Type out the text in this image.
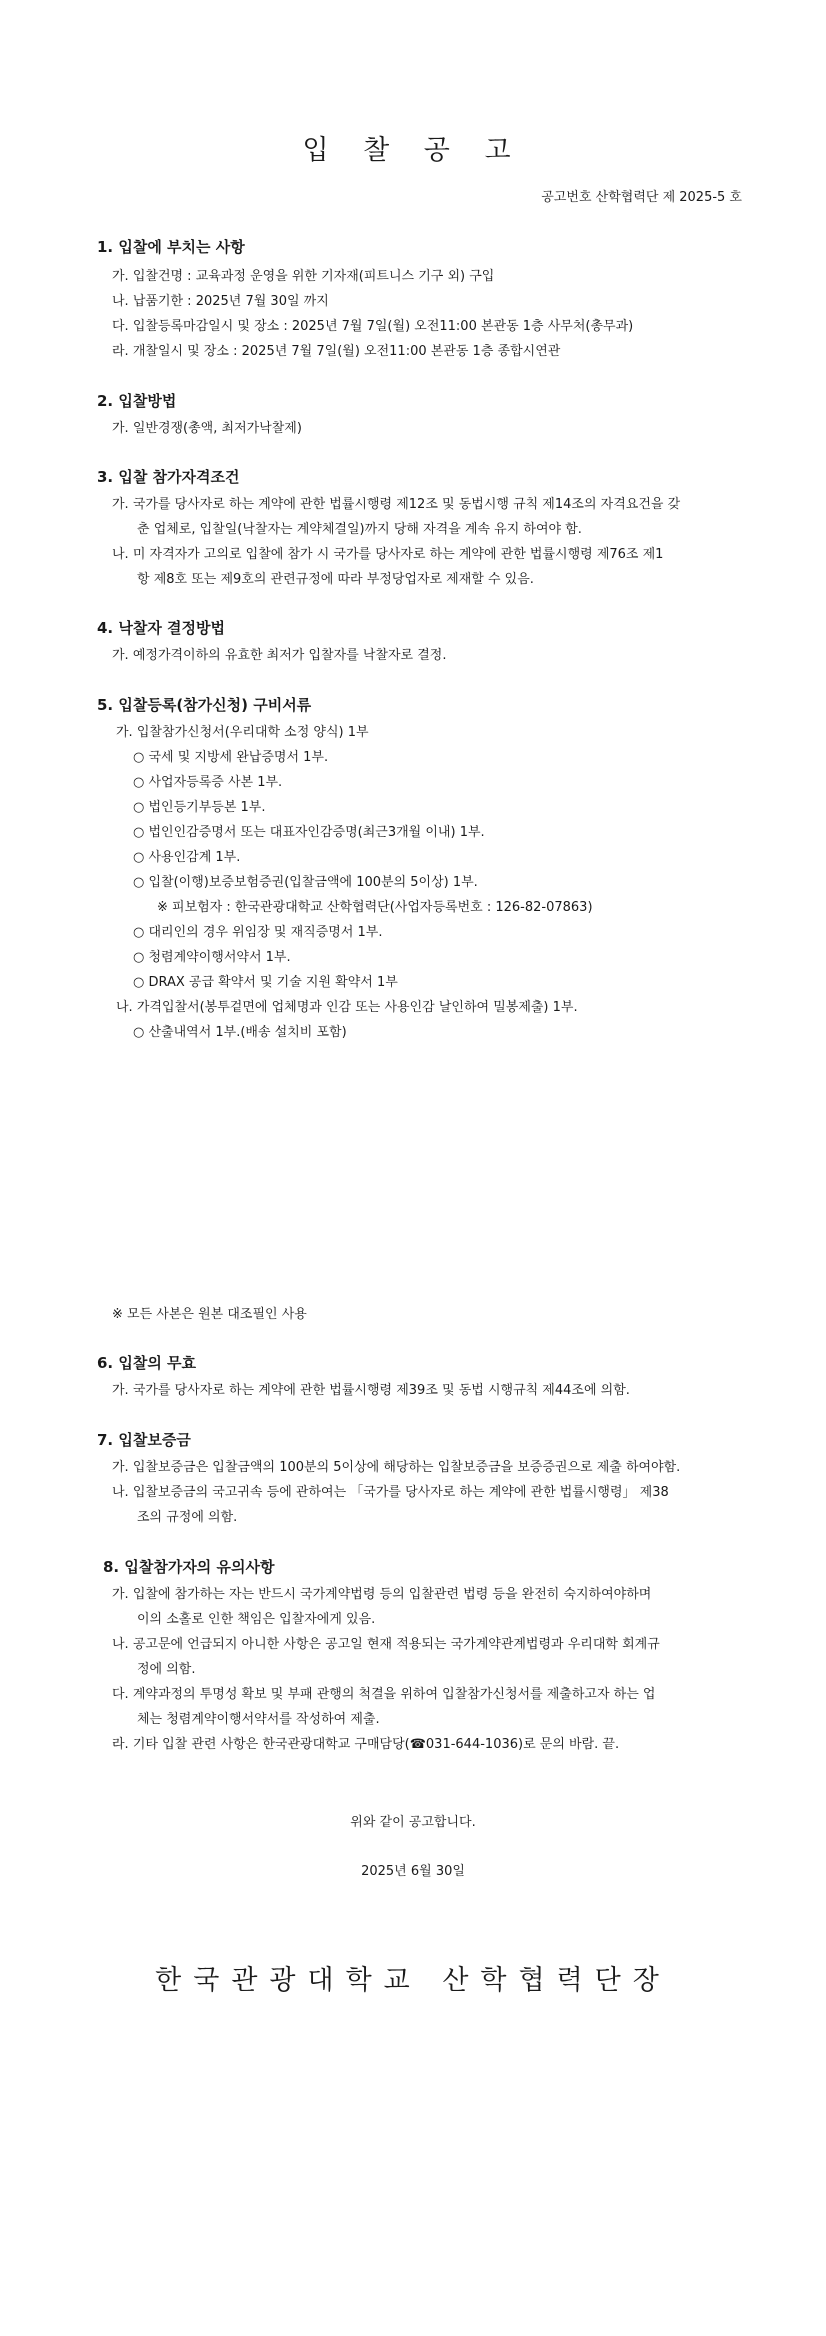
입 찰 공 고
공고번호 산학협력단 제 2025-5 호
1. 입찰에 부치는 사항
가. 입찰건명 : 교육과정 운영을 위한 기자재(피트니스 기구 외) 구입
나. 납품기한 : 2025년 7월 30일 까지
다. 입찰등록마감일시 및 장소 : 2025년 7월 7일(월) 오전11:00 본관동 1층 사무처(총무과)
라. 개찰일시 및 장소 : 2025년 7월 7일(월) 오전11:00 본관동 1층 종합시연관
2. 입찰방법
가. 일반경쟁(총액, 최저가낙찰제)
3. 입찰 참가자격조건
가. 국가를 당사자로 하는 계약에 관한 법률시행령 제12조 및 동법시행 규칙 제14조의 자격요건을 갖
춘 업체로, 입찰일(낙찰자는 계약체결일)까지 당해 자격을 계속 유지 하여야 함.
나. 미 자격자가 고의로 입찰에 참가 시 국가를 당사자로 하는 계약에 관한 법률시행령 제76조 제1
항 제8호 또는 제9호의 관련규정에 따라 부정당업자로 제재할 수 있음.
4. 낙찰자 결정방법
가. 예정가격이하의 유효한 최저가 입찰자를 낙찰자로 결정.
5. 입찰등록(참가신청) 구비서류
가. 입찰참가신청서(우리대학 소정 양식) 1부
○ 국세 및 지방세 완납증명서 1부.
○ 사업자등록증 사본 1부.
○ 법인등기부등본 1부.
○ 법인인감증명서 또는 대표자인감증명(최근3개월 이내) 1부.
○ 사용인감계 1부.
○ 입찰(이행)보증보험증권(입찰금액에 100분의 5이상) 1부.
※ 피보험자 : 한국관광대학교 산학협력단(사업자등록번호 : 126-82-07863)
○ 대리인의 경우 위임장 및 재직증명서 1부.
○ 청렴계약이행서약서 1부.
○ DRAX 공급 확약서 및 기술 지원 확약서 1부
나. 가격입찰서(봉투겉면에 업체명과 인감 또는 사용인감 날인하여 밀봉제출) 1부.
○ 산출내역서 1부.(배송 설치비 포함)
※ 모든 사본은 원본 대조필인 사용
6. 입찰의 무효
가. 국가를 당사자로 하는 계약에 관한 법률시행령 제39조 및 동법 시행규칙 제44조에 의함.
7. 입찰보증금
가. 입찰보증금은 입찰금액의 100분의 5이상에 해당하는 입찰보증금을 보증증권으로 제출 하여야함.
나. 입찰보증금의 국고귀속 등에 관하여는 「국가를 당사자로 하는 계약에 관한 법률시행령」 제38
조의 규정에 의함.
8. 입찰참가자의 유의사항
가. 입찰에 참가하는 자는 반드시 국가계약법령 등의 입찰관련 법령 등을 완전히 숙지하여야하며
이의 소홀로 인한 책임은 입찰자에게 있음.
나. 공고문에 언급되지 아니한 사항은 공고일 현재 적용되는 국가계약관계법령과 우리대학 회계규
정에 의함.
다. 계약과정의 투명성 확보 및 부패 관행의 척결을 위하여 입찰참가신청서를 제출하고자 하는 업
체는 청렴계약이행서약서를 작성하여 제출.
라. 기타 입찰 관련 사항은 한국관광대학교 구매담당(☎031-644-1036)로 문의 바람. 끝.
위와 같이 공고합니다.
2025년 6월 30일
한국관광대학교 산학협력단장
